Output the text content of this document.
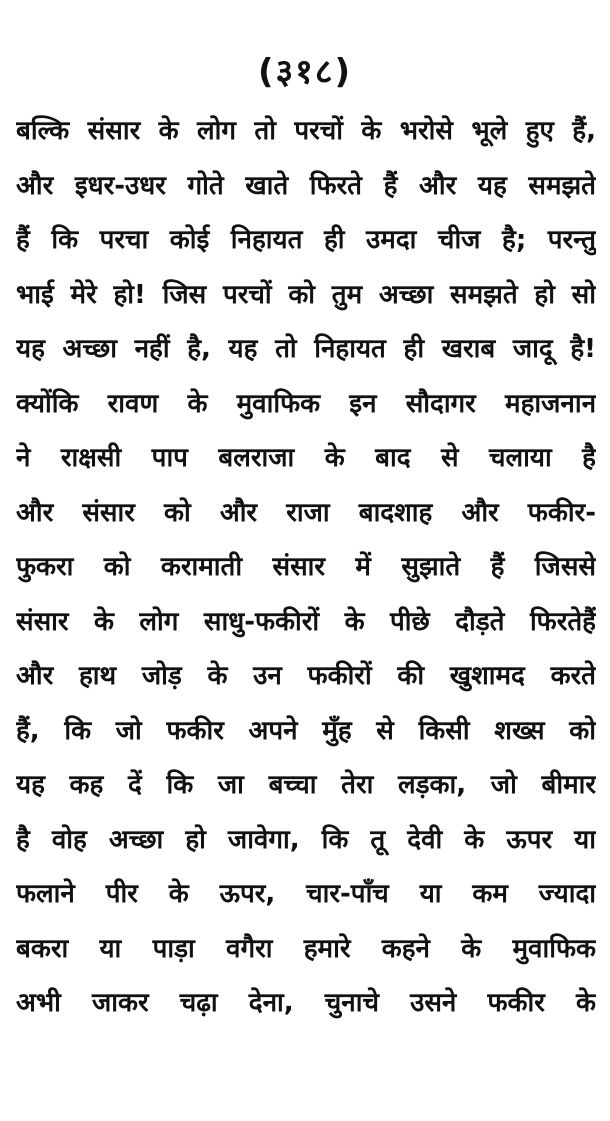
(३१८)
बल्कि संसार के लोग तो परचों के भरोसे भूले हुए हैं,
और इधर-उधर गोते खाते फिरते हैं और यह समझते
हैं कि परचा कोई निहायत ही उमदा चीज है; परन्तु
भाई मेरे हो! जिस परचों को तुम अच्छा समझते हो सो
यह अच्छा नहीं है, यह तो निहायत ही खराब जादू है!
क्योंकि रावण के मुवाफिक इन सौदागर महाजनान
ने राक्षसी पाप बलराजा के बाद से चलाया है
और संसार को और राजा बादशाह और फकीर-
फुकरा को करामाती संसार में सुझाते हैं जिससे
संसार के लोग साधु-फकीरों के पीछे दौड़ते फिरतेहैं
और हाथ जोड़ के उन फकीरों की खुशामद करते
हैं, कि जो फकीर अपने मुँह से किसी शख्स को
यह कह दें कि जा बच्चा तेरा लड़का, जो बीमार
है वोह अच्छा हो जावेगा, कि तू देवी के ऊपर या
फलाने पीर के ऊपर, चार-पाँच या कम ज्यादा
बकरा या पाड़ा वगैरा हमारे कहने के मुवाफिक
अभी जाकर चढ़ा देना, चुनाचे उसने फकीर के
